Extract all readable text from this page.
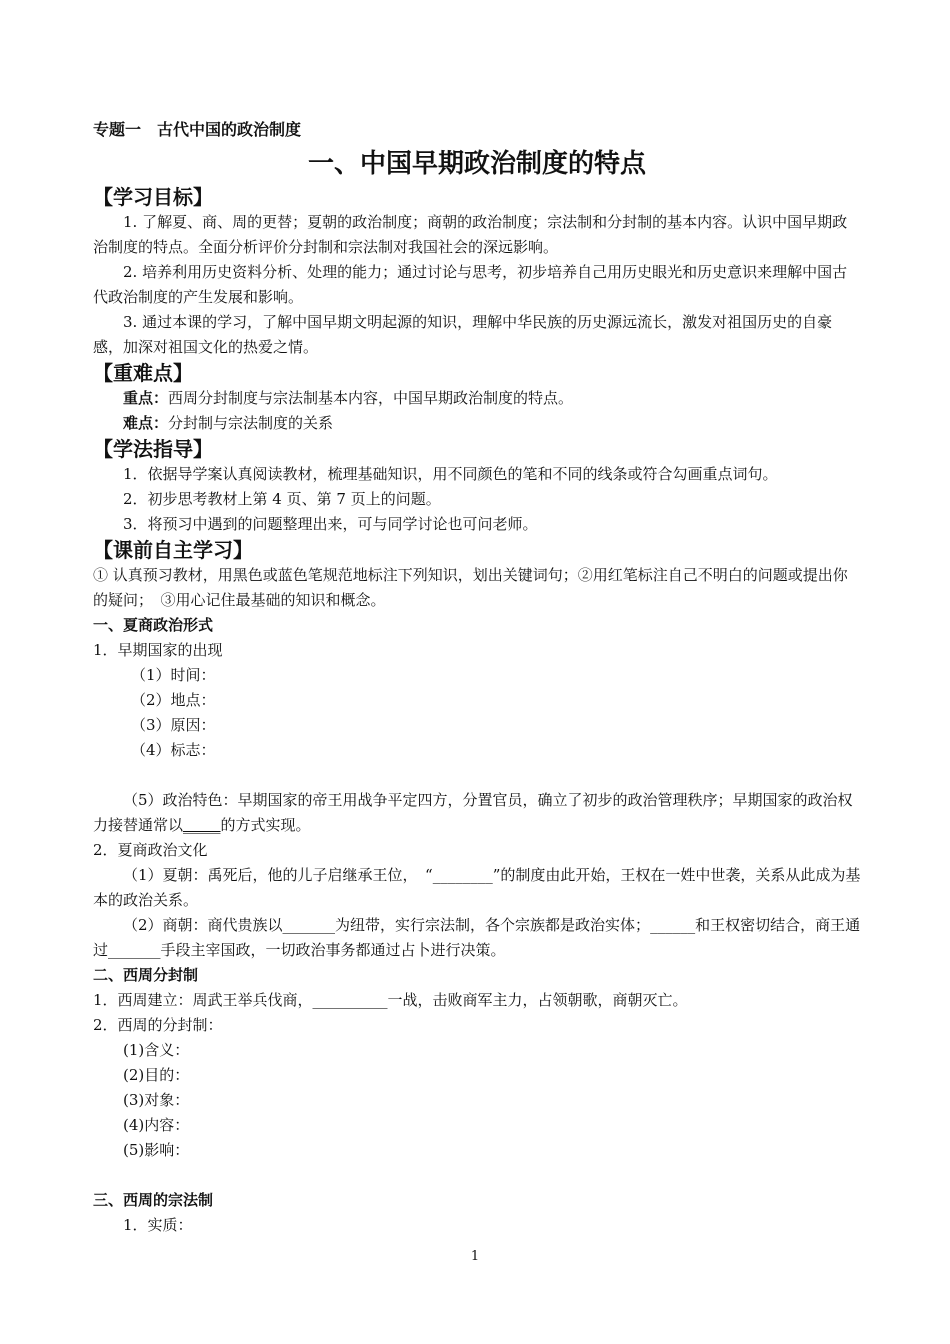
专题一　古代中国的政治制度

一、中国早期政治制度的特点

【学习目标】

1. 了解夏、商、周的更替；夏朝的政治制度；商朝的政治制度；宗法制和分封制的基本内容。认识中国早期政治制度的特点。全面分析评价分封制和宗法制对我国社会的深远影响。

2. 培养利用历史资料分析、处理的能力；通过讨论与思考，初步培养自己用历史眼光和历史意识来理解中国古代政治制度的产生发展和影响。

3. 通过本课的学习，了解中国早期文明起源的知识，理解中华民族的历史源远流长，激发对祖国历史的自豪感，加深对祖国文化的热爱之情。

【重难点】

重点：西周分封制度与宗法制基本内容，中国早期政治制度的特点。

难点：分封制与宗法制度的关系

【学法指导】

1．依据导学案认真阅读教材，梳理基础知识，用不同颜色的笔和不同的线条或符合勾画重点词句。

2．初步思考教材上第 4 页、第 7 页上的问题。

3．将预习中遇到的问题整理出来，可与同学讨论也可问老师。

【课前自主学习】

① 认真预习教材，用黑色或蓝色笔规范地标注下列知识，划出关键词句；②用红笔标注自己不明白的问题或提出你的疑问；　③用心记住最基础的知识和概念。

一、夏商政治形式

1．早期国家的出现

（1）时间：

（2）地点：

（3）原因：

（4）标志：

（5）政治特色：早期国家的帝王用战争平定四方，分置官员，确立了初步的政治管理秩序；早期国家的政治权力接替通常以_____的方式实现。

2．夏商政治文化

（1）夏朝：禹死后，他的儿子启继承王位，　“________”的制度由此开始，王权在一姓中世袭，关系从此成为基本的政治关系。

（2）商朝：商代贵族以_______为纽带，实行宗法制，各个宗族都是政治实体；______和王权密切结合，商王通过_______手段主宰国政，一切政治事务都通过占卜进行决策。

二、西周分封制

1．西周建立：周武王举兵伐商，__________一战，击败商军主力，占领朝歌，商朝灭亡。

2．西周的分封制：

(1)含义：

(2)目的：

(3)对象：

(4)内容：

(5)影响：

三、西周的宗法制

1．实质：

1
